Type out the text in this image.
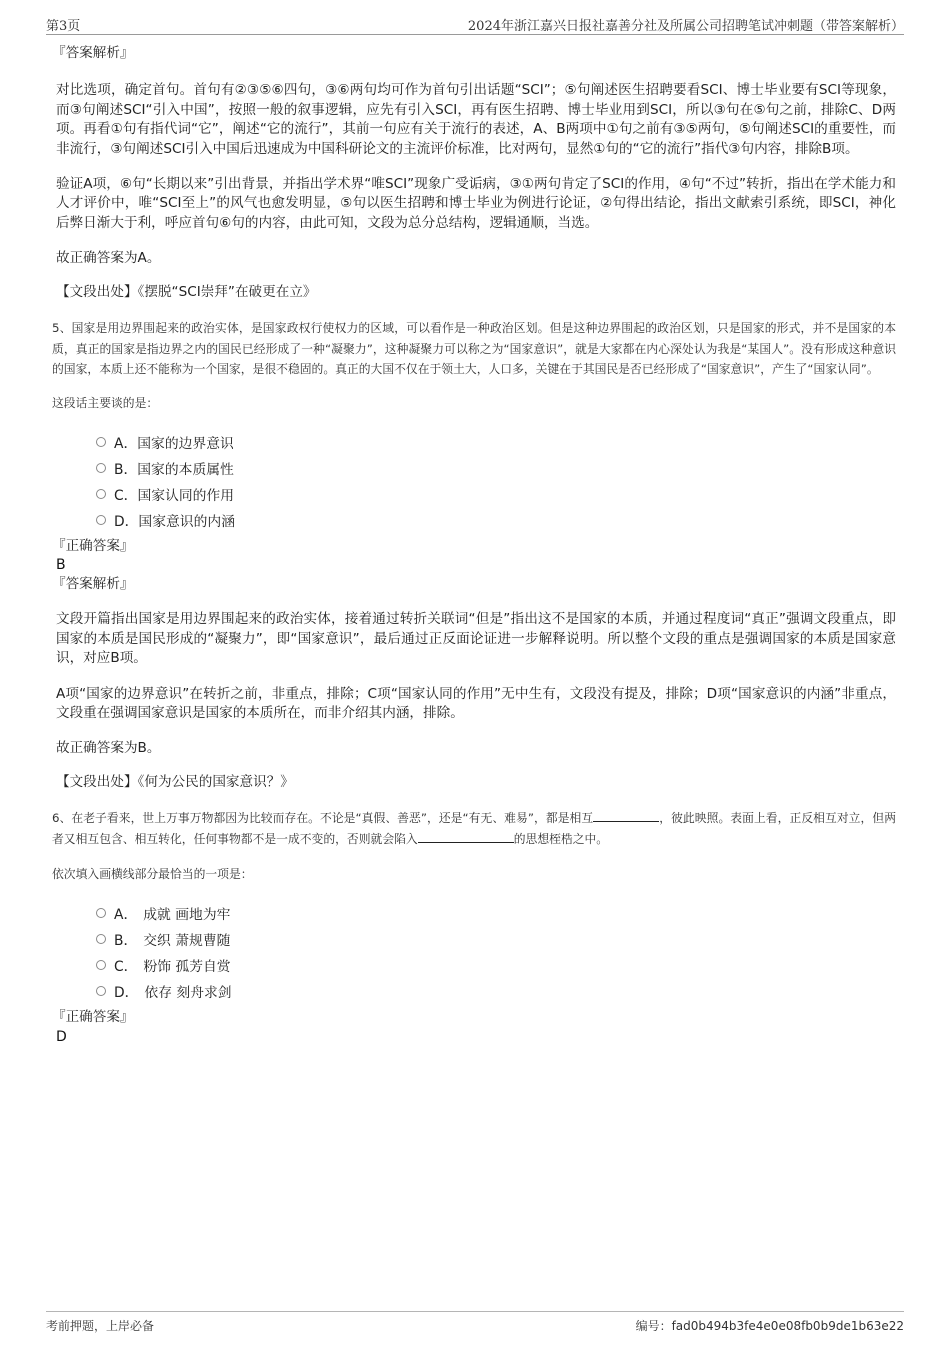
第3页	2024年浙江嘉兴日报社嘉善分社及所属公司招聘笔试冲刺题（带答案解析）

『答案解析』

对比选项，确定首句。首句有②③⑤⑥四句，③⑥两句均可作为首句引出话题“SCI”；⑤句阐述医生招聘要看SCI、博士毕业要有SCI等现象，而③句阐述SCI“引入中国”，按照一般的叙事逻辑，应先有引入SCI，再有医生招聘、博士毕业用到SCI，所以③句在⑤句之前，排除C、D两项。再看①句有指代词“它”，阐述“它的流行”，其前一句应有关于流行的表述，A、B两项中①句之前有③⑤两句，⑤句阐述SCI的重要性，而非流行，③句阐述SCI引入中国后迅速成为中国科研论文的主流评价标准，比对两句，显然①句的“它的流行”指代③句内容，排除B项。

验证A项，⑥句“长期以来”引出背景，并指出学术界“唯SCI”现象广受诟病，③①两句肯定了SCI的作用，④句“不过”转折，指出在学术能力和人才评价中，唯“SCI至上”的风气也愈发明显，⑤句以医生招聘和博士毕业为例进行论证，②句得出结论，指出文献索引系统，即SCI，神化后弊日渐大于利，呼应首句⑥句的内容，由此可知，文段为总分总结构，逻辑通顺，当选。

故正确答案为A。

【文段出处】《摆脱“SCI崇拜”在破更在立》

5、国家是用边界围起来的政治实体，是国家政权行使权力的区域，可以看作是一种政治区划。但是这种边界围起的政治区划，只是国家的形式，并不是国家的本质，真正的国家是指边界之内的国民已经形成了一种“凝聚力”，这种凝聚力可以称之为“国家意识”，就是大家都在内心深处认为我是“某国人”。没有形成这种意识的国家，本质上还不能称为一个国家，是很不稳固的。真正的大国不仅在于领土大，人口多，关键在于其国民是否已经形成了“国家意识”，产生了“国家认同”。

这段话主要谈的是：

A． 国家的边界意识
B． 国家的本质属性
C． 国家认同的作用
D． 国家意识的内涵

『正确答案』

B

『答案解析』

文段开篇指出国家是用边界围起来的政治实体，接着通过转折关联词“但是”指出这不是国家的本质，并通过程度词“真正”强调文段重点，即国家的本质是国民形成的“凝聚力”，即“国家意识”，最后通过正反面论证进一步解释说明。所以整个文段的重点是强调国家的本质是国家意识，对应B项。

A项“国家的边界意识”在转折之前，非重点，排除；C项“国家认同的作用”无中生有，文段没有提及，排除；D项“国家意识的内涵”非重点，文段重在强调国家意识是国家的本质所在，而非介绍其内涵，排除。

故正确答案为B。

【文段出处】《何为公民的国家意识？》

6、在老子看来，世上万事万物都因为比较而存在。不论是“真假、善恶”，还是“有无、难易”，都是相互	，彼此映照。表面上看，正反相互对立，但两者又相互包含、相互转化，任何事物都不是一成不变的，否则就会陷入	的思想桎梏之中。

依次填入画横线部分最恰当的一项是：

A． 成就 画地为牢
B． 交织 萧规曹随
C． 粉饰 孤芳自赏
D． 依存 刻舟求剑

『正确答案』

D

考前押题，上岸必备	编号：fad0b494b3fe4e0e08fb0b9de1b63e22
